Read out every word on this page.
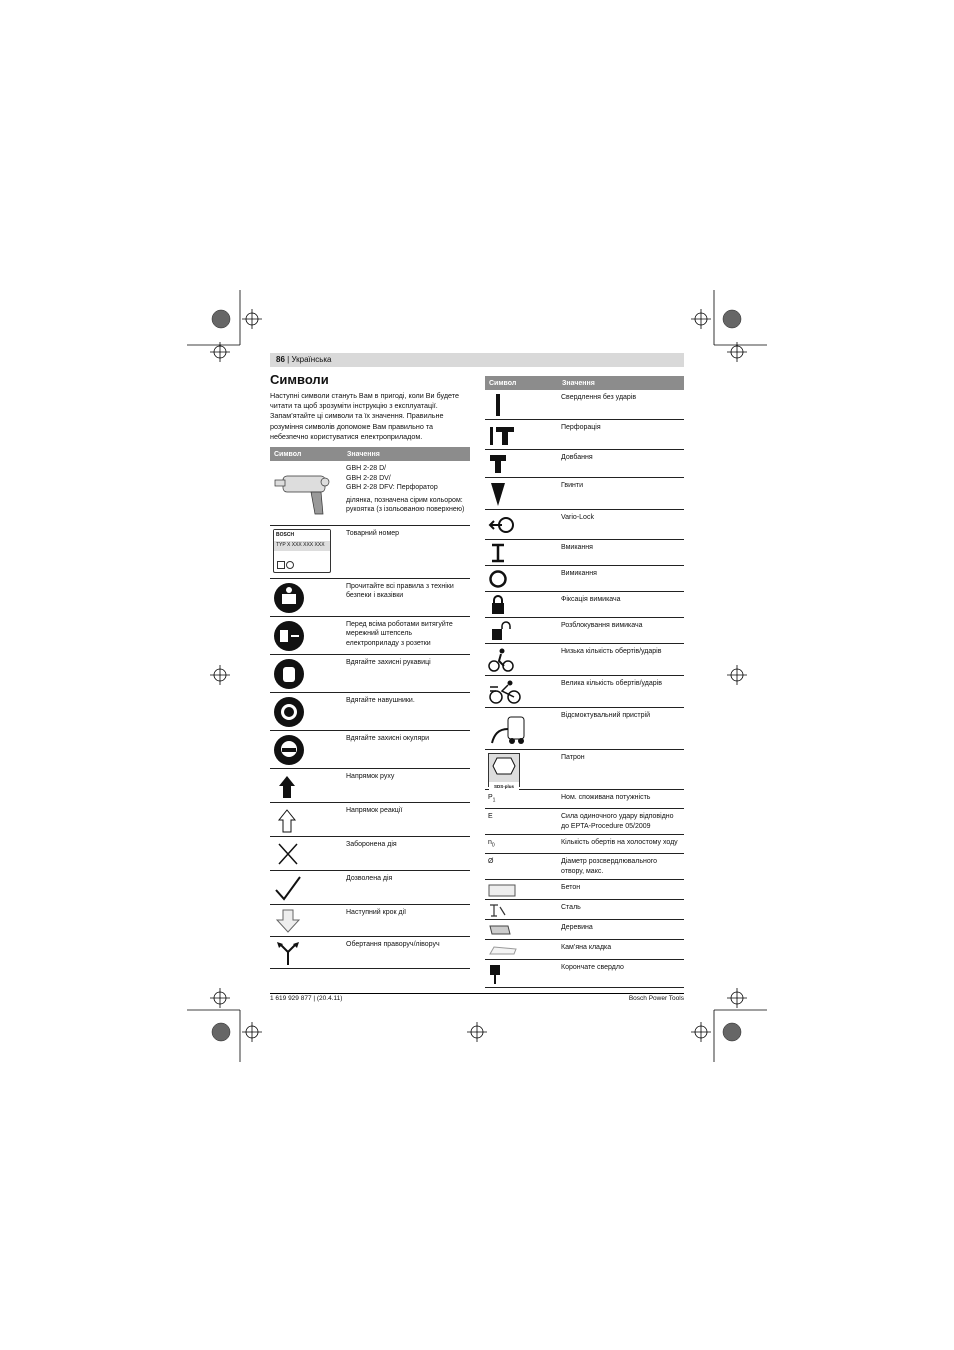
86 | Українська
Символи
Наступні символи стануть Вам в пригоді, коли Ви будете читати та щоб зрозуміти інструкцію з експлуатації. Запам’ятайте ці символи та їх значення. Правильне розуміння символів допоможе Вам правильно та небезпечно користуватися електроприладом.
Символ	Значення

GBH 2-28 D/
GBH 2-28 DV/
GBH 2-28 DFV: Перфоратор
ділянка, позначена сірим кольором: рукоятка (з ізольованою поверхнею)

BOSCH
TYP X XXX XXX XXX	Товарний номер

	Прочитайте всі правила з техніки безпеки і вказівки

	Перед всіма роботами витягуйте мережний штепсель електроприладу з розетки

	Вдягайте захисні рукавиці

	Вдягайте навушники.

	Вдягайте захисні окуляри

	Напрямок руху

	Напрямок реакції

	Заборонена дія

	Дозволена дія

	Наступний крок дії

	Обертання праворуч/ліворуч
Символ	Значення

	Свердлення без ударів

	Перфорація

	Довбання

	Гвинти

	Vario-Lock

	Вмикання

	Вимикання

	Фіксація вимикача

	Розблокування вимикача

	Низька кількість обертів/ударів

	Велика кількість обертів/ударів

	Відсмоктувальний пристрій

SDS-plus	Патрон
$P_1$	Ном. споживана потужність
E	Сила одиночного удару відповідно до EPTA-Procedure 05/2009
$n_0$	Кількість обертів на холостому ходу
Ø	Діаметр розсвердлювального отвору, макс.

	Бетон

	Сталь

	Деревина

	Кам’яна кладка

	Корончате свердло
1 619 929 877 | (20.4.11)	Bosch Power Tools
